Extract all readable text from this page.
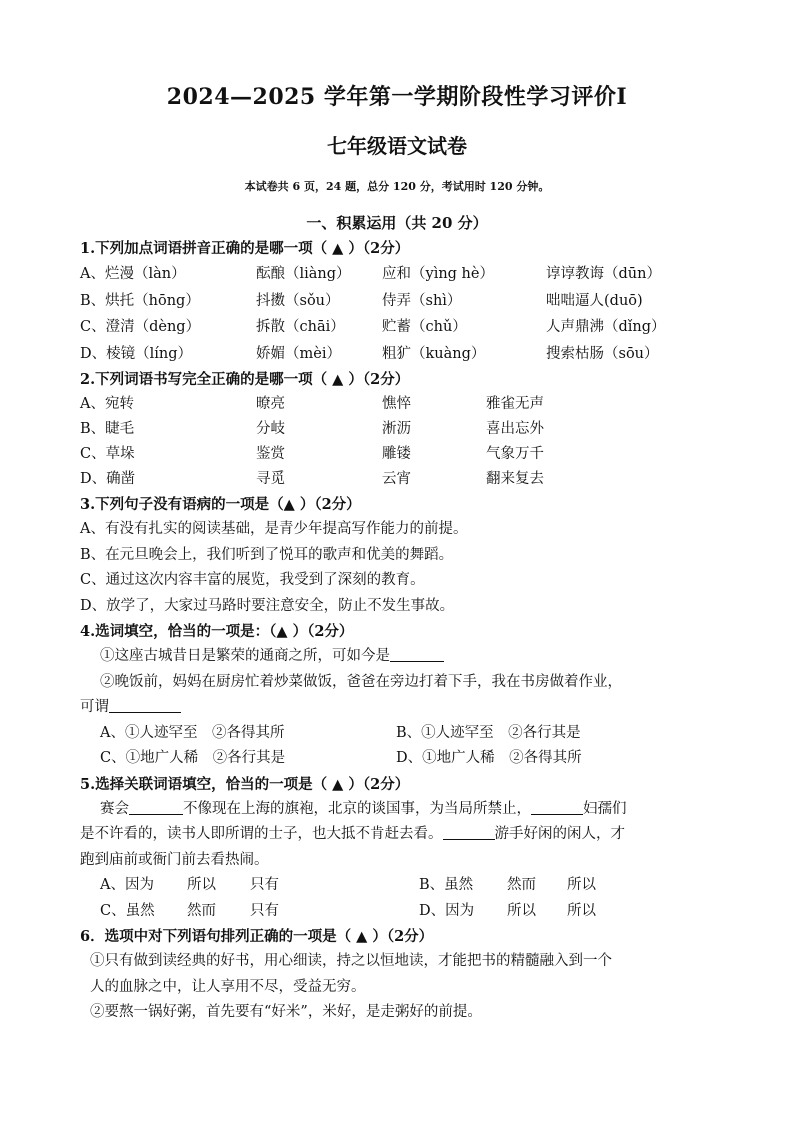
2024—2025 学年第一学期阶段性学习评价Ⅰ
七年级语文试卷
本试卷共 6 页，24 题，总分 120 分，考试用时 120 分钟。
一、积累运用（共 20 分）
1.下列加点词语拼音正确的是哪一项（ ▲ ）（2分）
A、烂漫（làn）	酝酿（liàng） 应和（yìng hè）	谆谆教诲（dūn）
B、烘托（hōng）	抖擞（sǒu）	侍弄（shì）	咄咄逼人(duō)
C、澄清（dèng）	拆散（chāi）	贮蓄（chǔ）	人声鼎沸（dǐng）
D、棱镜（líng）	娇媚（mèi）	粗犷（kuàng）	搜索枯肠（sōu）
2.下列词语书写完全正确的是哪一项（ ▲ ）（2分）
A、宛转	暸亮	憔悴	雅雀无声
B、睫毛	分岐	淅沥	喜出忘外
C、草垛	鉴赏	雕镂	气象万千
D、确凿	寻觅	云宵	翻来复去
3.下列句子没有语病的一项是（▲ ）（2分）
A、有没有扎实的阅读基础，是青少年提高写作能力的前提。
B、在元旦晚会上，我们听到了悦耳的歌声和优美的舞蹈。
C、通过这次内容丰富的展览，我受到了深刻的教育。
D、放学了，大家过马路时要注意安全，防止不发生事故。
4.选词填空，恰当的一项是：（▲ ）（2分）
①这座古城昔日是繁荣的通商之所，可如今是
②晚饭前，妈妈在厨房忙着炒菜做饭，爸爸在旁边打着下手，我在书房做着作业，
可谓
A、①人迹罕至　②各得其所	B、①人迹罕至　②各行其是
C、①地广人稀　②各行其是	D、①地广人稀　②各得其所
5.选择关联词语填空，恰当的一项是（ ▲ ）（2分）
赛会	不像现在上海的旗袍，北京的谈国事，为当局所禁止，	妇孺们
是不许看的，读书人即所谓的士子，也大抵不肯赶去看。	游手好闲的闲人，才
跑到庙前或衙门前去看热闹。
A、因为 所以 只有	B、虽然 然而 所以
C、虽然 然而 只有	D、因为 所以 所以
6．选项中对下列语句排列正确的一项是（ ▲ ）（2分）
①只有做到读经典的好书，用心细读，持之以恒地读，才能把书的精髓融入到一个
人的血脉之中，让人享用不尽，受益无穷。
②要熬一锅好粥，首先要有“好米”，米好，是走粥好的前提。
